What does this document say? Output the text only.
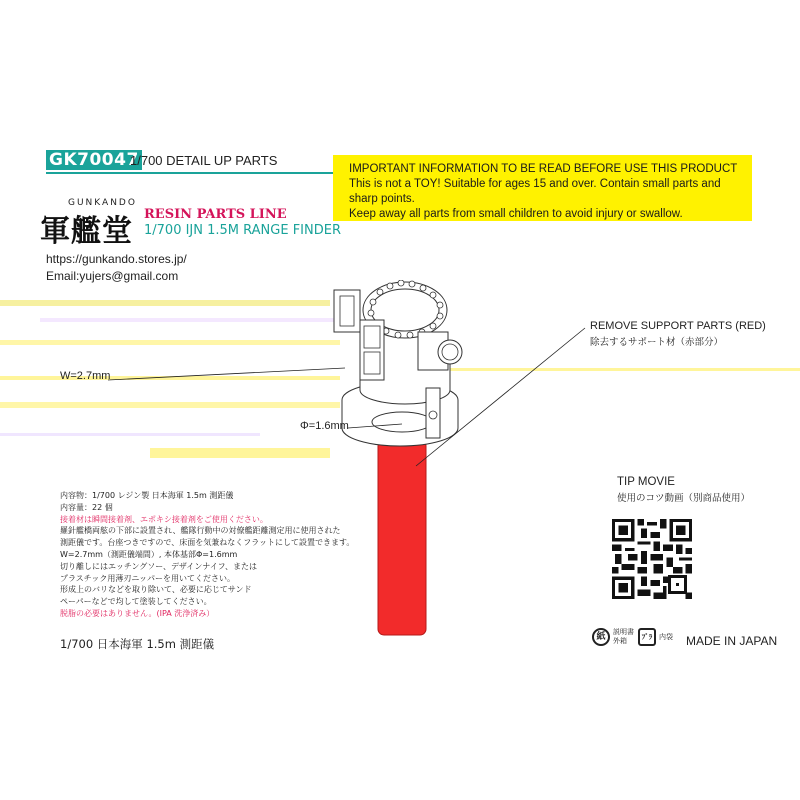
GK70047
1/700 DETAIL UP PARTS
IMPORTANT INFORMATION TO BE READ BEFORE USE THIS PRODUCT
This is not a TOY! Suitable for ages 15 and over. Contain small parts and sharp points.
Keep away all parts from small children to avoid injury or swallow.
GUNKANDO
軍艦堂 RESIN PARTS LINE
1/700 IJN 1.5M RANGE FINDER
https://gunkando.stores.jp/
Email:yujers@gmail.com
W=2.7mm
Φ=1.6mm
REMOVE SUPPORT PARTS (RED)
除去するサポート材（赤部分）
TIP MOVIE
使用のコツ動画（別商品使用）
内容物：1/700 レジン製 日本海軍 1.5m 測距儀
内容量：22 個
接着材は瞬間接着剤、エポキシ接着剤をご使用ください。
羅針艦橋両舷の下部に設置され、艦隊行動中の対僚艦距離測定用に使用された
測距儀です。台座つきですので、床面を気兼ねなくフラットにして設置できます。
W=2.7mm（測距儀端間）, 本体基部Φ=1.6mm
切り離しにはエッチングソー、デザインナイフ、または
プラスチック用薄刃ニッパーを用いてください。
形成上のバリなどを取り除いて、必要に応じてサンド
ペーパーなどで均して塗装してください。
脱脂の必要はありません。(IPA 洗浄済み）
1/700 日本海軍 1.5m 測距儀	紙	説明書
外箱	ﾌﾟﾗ 内袋 MADE IN JAPAN
